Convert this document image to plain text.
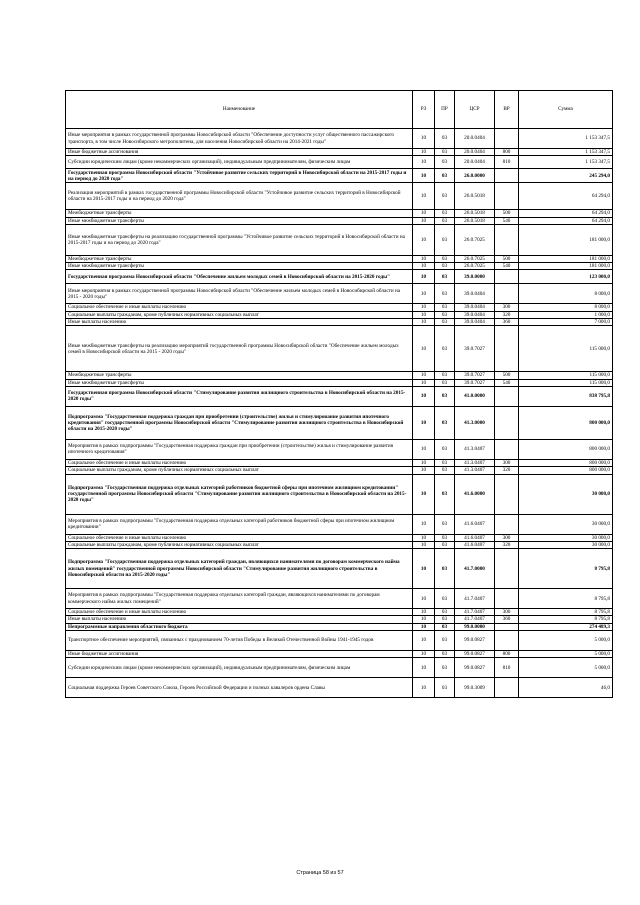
Наименование	РЗ	ПР	ЦСР	ВР	Сумма
Иные мероприятия в рамках государственной программы Новосибирской области "Обеспечение доступности услуг общественного пассажирского транспорта, в том числе Новосибирского метрополитена, для населения Новосибирской области на 2014-2021 годы"	10	03	20.0.0404		1 153 347,5
Иные бюджетные ассигнования	10	03	20.0.0404	800	1 153 347,5
Субсидии юридическим лицам (кроме некоммерческих организаций), индивидуальным предпринимателям, физическим лицам	10	03	20.0.0404	810	1 153 347,5
Государственная программа Новосибирской области "Устойчивое развитие сельских территорий в Новосибирской области на 2015-2017 годы и на период до 2020 года"	10	03	26.0.0000		245 294,0
Реализация мероприятий в рамках государственной программы Новосибирской области "Устойчивое развитие сельских территорий в Новосибирской области на 2015-2017 годы и на период до 2020 года"	10	03	26.0.5018		64 294,0
Межбюджетные трансферты	10	03	26.0.5018	500	64 294,0
Иные межбюджетные трансферты	10	03	26.0.5018	540	64 294,0
Иные межбюджетные трансферты на реализацию государственной программы "Устойчивое развитие сельских территорий в Новосибирской области на 2015-2017 годы и на период до 2020 года"	10	03	26.0.7025		181 000,0
Межбюджетные трансферты	10	03	26.0.7025	500	181 000,0
Иные межбюджетные трансферты	10	03	26.0.7025	540	181 000,0
Государственная программа Новосибирской области "Обеспечение жильем молодых семей в Новосибирской области на 2015-2020 годы"	10	03	39.0.0000		123 000,0
Иные мероприятия в рамках государственной программы Новосибирской области "Обеспечение жильем молодых семей в Новосибирской области на 2015 - 2020 годы"	10	03	39.0.0404		8 000,0
Социальное обеспечение и иные выплаты населению	10	03	39.0.0404	300	8 000,0
Социальные выплаты гражданам, кроме публичных нормативных социальных выплат	10	03	39.0.0404	320	1 000,0
Иные выплаты населению	10	03	39.0.0404	360	7 000,0
Иные межбюджетные трансферты на реализацию мероприятий государственной программы Новосибирской области "Обеспечение жильем молодых семей в Новосибирской области на 2015 - 2020 годы"	10	03	39.0.7027		115 000,0
Межбюджетные трансферты	10	03	39.0.7027	500	115 000,0
Иные межбюджетные трансферты	10	03	39.0.7027	540	115 000,0
Государственная программа Новосибирской области "Стимулирование развития жилищного строительства в Новосибирской области на 2015-2020 годы"	10	03	41.0.0000		838 795,8
Подпрограмма "Государственная поддержка граждан при приобретении (строительстве) жилья и стимулирование развития ипотечного кредитования" государственной программы Новосибирской области "Стимулирование развития жилищного строительства в Новосибирской области на 2015-2020 годы"	10	03	41.3.0000		800 000,0
Мероприятия в рамках подпрограммы "Государственная поддержка граждан при приобретении (строительстве) жилья и стимулирование развития ипотечного кредитования"	10	03	41.3.0407		800 000,0
Социальное обеспечение и иные выплаты населению	10	03	41.3.0407	300	800 000,0
Социальные выплаты гражданам, кроме публичных нормативных социальных выплат	10	03	41.3.0407	320	800 000,0
Подпрограмма "Государственная поддержка отдельных категорий работников бюджетной сферы при ипотечном жилищном кредитовании" государственной программы Новосибирской области "Стимулирование развития жилищного строительства в Новосибирской области на 2015-2020 годы"	10	03	41.6.0000		30 000,0
Мероприятия в рамках подпрограммы "Государственная поддержка отдельных категорий работников бюджетной сферы при ипотечном жилищном кредитовании"	10	03	41.6.0407		30 000,0
Социальное обеспечение и иные выплаты населению	10	03	41.6.0407	300	30 000,0
Социальные выплаты гражданам, кроме публичных нормативных социальных выплат	10	03	41.6.0407	320	30 000,0
Подпрограмма "Государственная поддержка отдельных категорий граждан, являющихся нанимателями по договорам коммерческого найма жилых помещений" государственной программы Новосибирской области "Стимулирование развития жилищного строительства в Новосибирской области на 2015-2020 годы"	10	03	41.7.0000		8 795,8
Мероприятия в рамках подпрограммы "Государственная поддержка отдельных категорий граждан, являющихся нанимателями по договорам коммерческого найма жилых помещений"	10	03	41.7.0407		8 795,8
Социальное обеспечение и иные выплаты населению	10	03	41.7.0407	300	8 795,8
Иные выплаты населению	10	03	41.7.0407	360	8 795,8
Непрограммные направления областного бюджета	10	03	99.0.0000		274 489,3
Транспортное обеспечение мероприятий, связанных с празднованием 70-летия Победы в Великой Отечественной Войны 1941-1945 годов	10	03	99.0.0827		5 000,0
Иные бюджетные ассигнования	10	03	99.0.0827	800	5 000,0
Субсидии юридическим лицам (кроме некоммерческих организаций), индивидуальным предпринимателям, физическим лицам	10	03	99.0.0827	810	5 000,0
Социальная поддержка Героев Советского Союза, Героев Российской Федерации и полных кавалеров ордена Славы	10	03	99.0.3009		46,0
Страница 58 из 57
